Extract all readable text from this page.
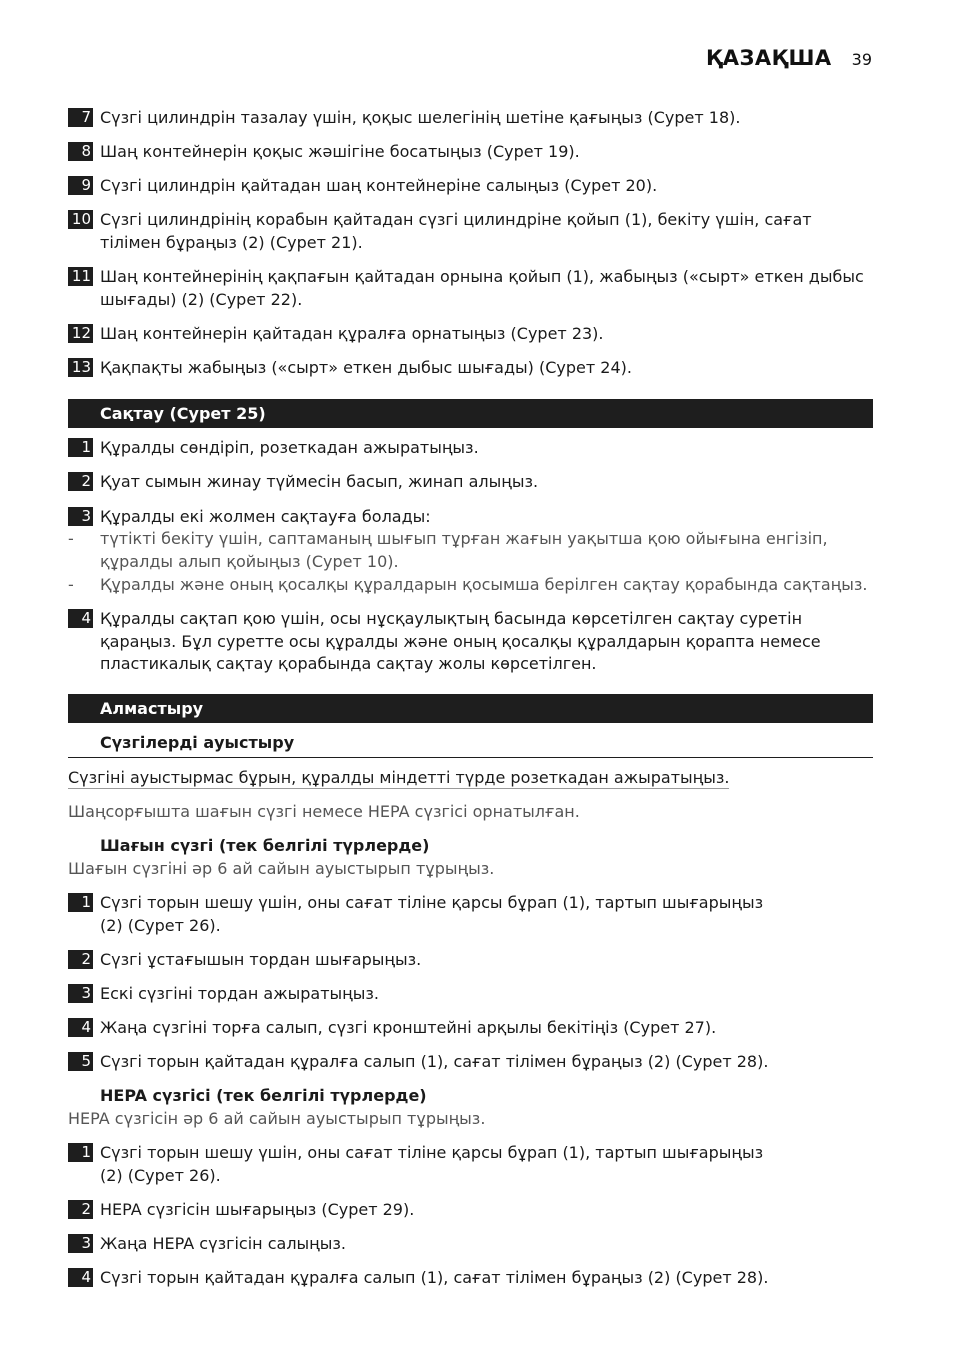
ҚАЗАҚША 39
7 Сүзгі цилиндрін тазалау үшін, қоқыс шелегінің шетіне қағыңыз (Сурет 18).
8 Шаң контейнерін қоқыс жәшігіне босатыңыз (Сурет 19).
9 Сүзгі цилиндрін қайтадан шаң контейнеріне салыңыз (Сурет 20).
10 Сүзгі цилиндрінің корабын қайтадан сүзгі цилиндріне қойып (1), бекіту үшін, сағат тілімен бұраңыз (2) (Сурет 21).
11 Шаң контейнерінің қақпағын қайтадан орнына қойып (1), жабыңыз («сырт» еткен дыбыс шығады) (2) (Сурет 22).
12 Шаң контейнерін қайтадан құралға орнатыңыз (Сурет 23).
13 Қақпақты жабыңыз («сырт» еткен дыбыс шығады) (Сурет 24).
Сақтау (Сурет 25)
1 Құралды сөндіріп, розеткадан ажыратыңыз.
2 Қуат сымын жинау түймесін басып, жинап алыңыз.
3 Құралды екі жолмен сақтауға болады:
-	түтікті бекіту үшін, саптаманың шығып тұрған жағын уақытша қою ойығына енгізіп, құралды алып қойыңыз (Сурет 10).
-	Құралды және оның қосалқы құралдарын қосымша берілген сақтау қорабында сақтаңыз.
4 Құралды сақтап қою үшін, осы нұсқаулықтың басында көрсетілген сақтау суретін қараңыз. Бұл суретте осы құралды және оның қосалқы құралдарын қорапта немесе пластикалық сақтау қорабында сақтау жолы көрсетілген.
Алмастыру
Сүзгілерді ауыстыру
Сүзгіні ауыстырмас бұрын, құралды міндетті түрде розеткадан ажыратыңыз.
Шаңсорғышта шағын сүзгі немесе HEPA сүзгісі орнатылған.
Шағын сүзгі (тек белгілі түрлерде)
Шағын сүзгіні әр 6 ай сайын ауыстырып тұрыңыз.
1 Сүзгі торын шешу үшін, оны сағат тіліне қарсы бұрап (1), тартып шығарыңыз (2) (Сурет 26).
2 Сүзгі ұстағышын тордан шығарыңыз.
3 Ескі сүзгіні тордан ажыратыңыз.
4 Жаңа сүзгіні торға салып, сүзгі кронштейні арқылы бекітіңіз (Сурет 27).
5 Сүзгі торын қайтадан құралға салып (1), сағат тілімен бұраңыз (2) (Сурет 28).
HEPA сүзгісі (тек белгілі түрлерде)
HEPA сүзгісін әр 6 ай сайын ауыстырып тұрыңыз.
1 Сүзгі торын шешу үшін, оны сағат тіліне қарсы бұрап (1), тартып шығарыңыз (2) (Сурет 26).
2 HEPA сүзгісін шығарыңыз (Сурет 29).
3 Жаңа HEPA сүзгісін салыңыз.
4 Сүзгі торын қайтадан құралға салып (1), сағат тілімен бұраңыз (2) (Сурет 28).
